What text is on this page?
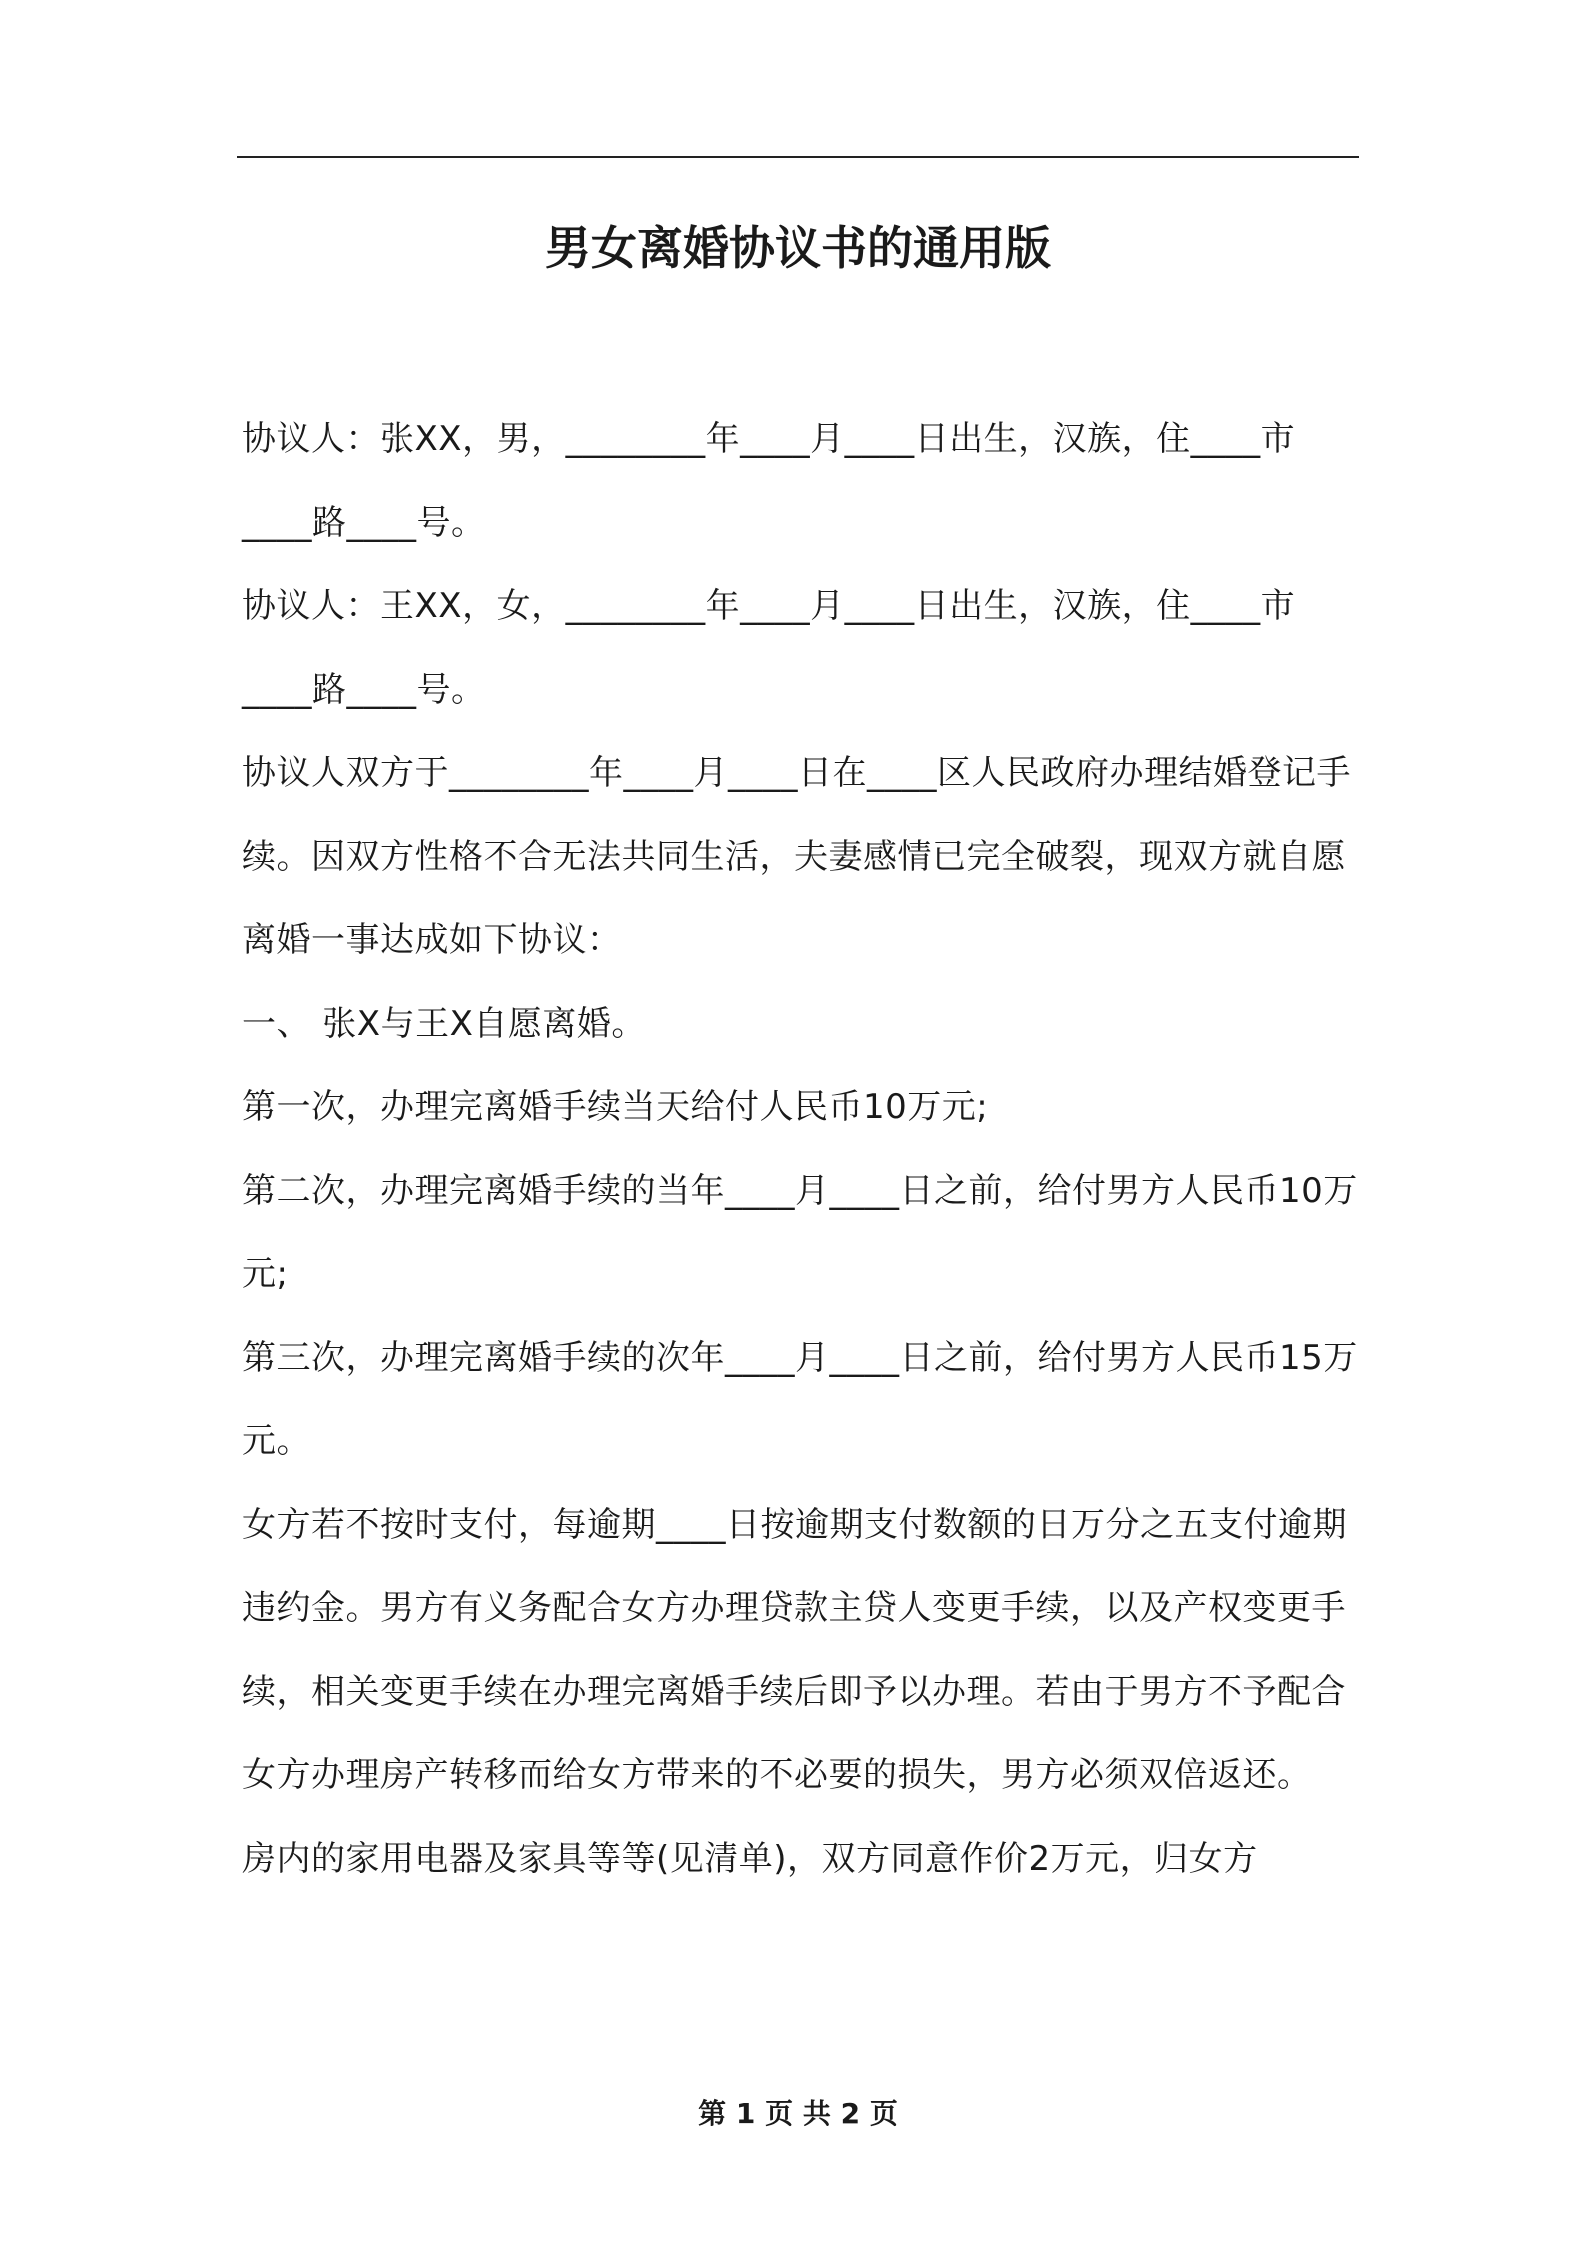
男女离婚协议书的通用版

协议人：张XX，男，________年____月____日出生，汉族，住____市____路____号。

协议人：王XX，女，________年____月____日出生，汉族，住____市____路____号。

协议人双方于________年____月____日在____区人民政府办理结婚登记手续。因双方性格不合无法共同生活，夫妻感情已完全破裂，现双方就自愿离婚一事达成如下协议：

一、 张X与王X自愿离婚。

第一次，办理完离婚手续当天给付人民币10万元;

第二次，办理完离婚手续的当年____月____日之前，给付男方人民币10万元;

第三次，办理完离婚手续的次年____月____日之前，给付男方人民币15万元。

女方若不按时支付，每逾期____日按逾期支付数额的日万分之五支付逾期违约金。男方有义务配合女方办理贷款主贷人变更手续，以及产权变更手续，相关变更手续在办理完离婚手续后即予以办理。若由于男方不予配合女方办理房产转移而给女方带来的不必要的损失，男方必须双倍返还。

房内的家用电器及家具等等(见清单)，双方同意作价2万元，归女方

第 1 页 共 2 页
